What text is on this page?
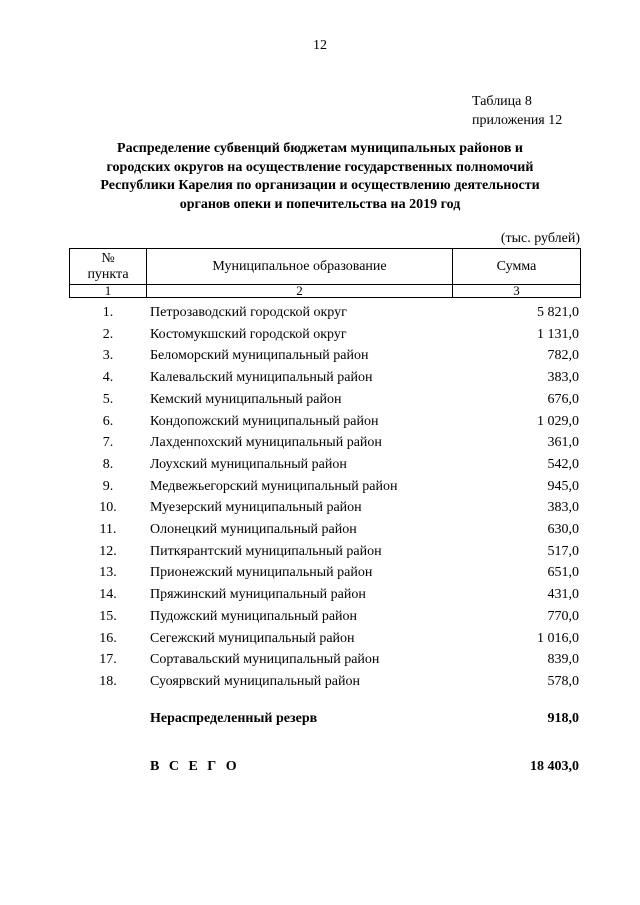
12
Таблица 8
приложения 12
Распределение субвенций бюджетам муниципальных районов и
городских округов на осуществление государственных полномочий
Республики Карелия по организации и осуществлению деятельности
органов опеки и попечительства на 2019 год
(тыс. рублей)
№
пункта	Муниципальное образование	Сумма
1	2	3
1.	Петрозаводский городской округ	5 821,0
2.	Костомукшский городской округ	1 131,0
3.	Беломорский муниципальный район	782,0
4.	Калевальский муниципальный район	383,0
5.	Кемский муниципальный район	676,0
6.	Кондопожский муниципальный район	1 029,0
7.	Лахденпохский муниципальный район	361,0
8.	Лоухский муниципальный район	542,0
9.	Медвежьегорский муниципальный район	945,0
10.	Муезерский муниципальный район	383,0
11.	Олонецкий муниципальный район	630,0
12.	Питкярантский муниципальный район	517,0
13.	Прионежский муниципальный район	651,0
14.	Пряжинский муниципальный район	431,0
15.	Пудожский муниципальный район	770,0
16.	Сегежский муниципальный район	1 016,0
17.	Сортавальский муниципальный район	839,0
18.	Суоярвский муниципальный район	578,0
Нераспределенный резерв	918,0
В С Е Г О	18 403,0
